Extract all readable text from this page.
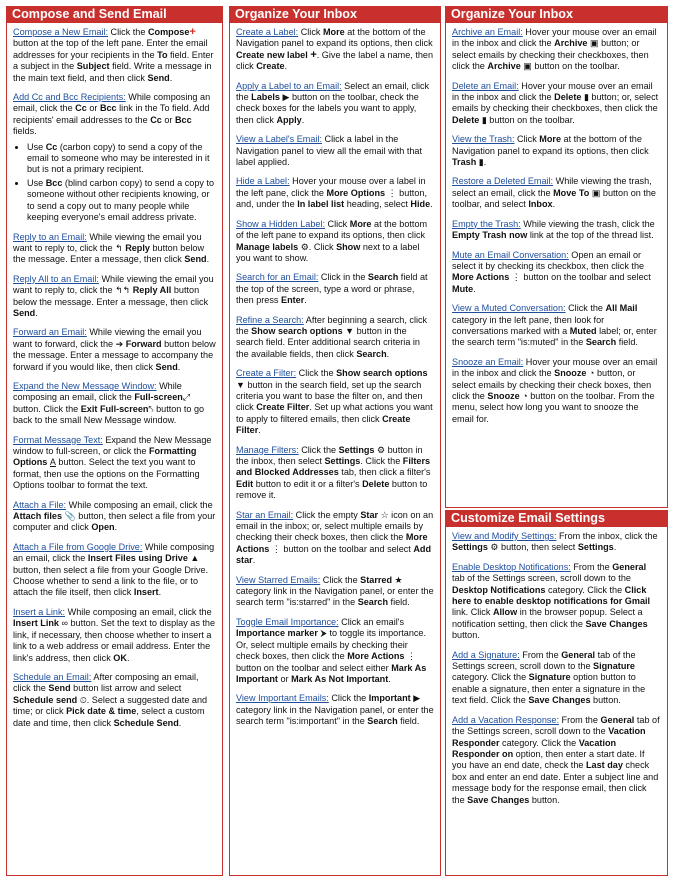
Compose and Send Email

Compose a New Email: Click the Compose+ button at the top of the left pane. Enter the email addresses for your recipients in the To field. Enter a subject in the Subject field. Write a message in the main text field, and then click Send.

Add Cc and Bcc Recipients: While composing an email, click the Cc or Bcc link in the To field. Add recipients' email addresses to the Cc or Bcc fields.

• Use Cc (carbon copy) to send a copy of the email to someone who may be interested in it but is not a primary recipient.
• Use Bcc (blind carbon copy) to send a copy to someone without other recipients knowing, or to send a copy out to many people while keeping everyone's email address private.

Reply to an Email: While viewing the email you want to reply to, click the ↰ Reply button below the message. Enter a message, then click Send.

Reply All to an Email: While viewing the email you want to reply to, click the ↰↰ Reply All button below the message. Enter a message, then click Send.

Forward an Email: While viewing the email you want to forward, click the ➔ Forward button below the message. Enter a message to accompany the forward if you would like, then click Send.

Expand the New Message Window: While composing an email, click the Full-screen⤢ button. Click the Exit Full-screen⤣ button to go back to the small New Message window.

Format Message Text: Expand the New Message window to full-screen, or click the Formatting Options A button. Select the text you want to format, then use the options on the Formatting Options toolbar to format the text.

Attach a File: While composing an email, click the Attach files 📎 button, then select a file from your computer and click Open.

Attach a File from Google Drive: While composing an email, click the Insert Files using Drive ▲ button, then select a file from your Google Drive. Choose whether to send a link to the file, or to attach the file itself, then click Insert.

Insert a Link: While composing an email, click the Insert Link ∞ button. Set the text to display as the link, if necessary, then choose whether to insert a link to a web address or email address. Enter the link's address, then click OK.

Schedule an Email: After composing an email, click the Send button list arrow and select Schedule send ⏲. Select a suggested date and time; or click Pick date & time, select a custom date and time, then click Schedule Send.

Organize Your Inbox

Create a Label: Click More at the bottom of the Navigation panel to expand its options, then click Create new label +. Give the label a name, then click Create.

Apply a Label to an Email: Select an email, click the Labels ▶ button on the toolbar, check the check boxes for the labels you want to apply, then click Apply.

View a Label's Email: Click a label in the Navigation panel to view all the email with that label applied.

Hide a Label: Hover your mouse over a label in the left pane, click the More Options ⋮ button, and, under the In label list heading, select Hide.

Show a Hidden Label: Click More at the bottom of the left pane to expand its options, then click Manage labels ⚙. Click Show next to a label you want to show.

Search for an Email: Click in the Search field at the top of the screen, type a word or phrase, then press Enter.

Refine a Search: After beginning a search, click the Show search options ▼ button in the search field. Enter additional search criteria in the available fields, then click Search.

Create a Filter: Click the Show search options ▼ button in the search field, set up the search criteria you want to base the filter on, and then click Create Filter. Set up what actions you want to apply to filtered emails, then click Create Filter.

Manage Filters: Click the Settings ⚙ button in the inbox, then select Settings. Click the Filters and Blocked Addresses tab, then click a filter's Edit button to edit it or a filter's Delete button to remove it.

Star an Email: Click the empty Star ☆ icon on an email in the inbox; or, select multiple emails by checking their check boxes, then click the More Actions ⋮ button on the toolbar and select Add star.

View Starred Emails: Click the Starred ★ category link in the Navigation panel, or enter the search term "is:starred" in the Search field.

Toggle Email Importance: Click an email's Importance marker ⮞ to toggle its importance. Or, select multiple emails by checking their check boxes, then click the More Actions ⋮ button on the toolbar and select either Mark As Important or Mark As Not Important.

View Important Emails: Click the Important ▶ category link in the Navigation panel, or enter the search term "is:important" in the Search field.

Organize Your Inbox

Archive an Email: Hover your mouse over an email in the inbox and click the Archive ▣ button; or select emails by checking their checkboxes, then click the Archive ▣ button on the toolbar.

Delete an Email: Hover your mouse over an email in the inbox and click the Delete ▮ button; or, select emails by checking their checkboxes, then click the Delete ▮ button on the toolbar.

View the Trash: Click More at the bottom of the Navigation panel to expand its options, then click Trash ▮.

Restore a Deleted Email: While viewing the trash, select an email, click the Move To ▣ button on the toolbar, and select Inbox.

Empty the Trash: While viewing the trash, click the Empty Trash now link at the top of the thread list.

Mute an Email Conversation: Open an email or select it by checking its checkbox, then click the More Actions ⋮ button on the toolbar and select Mute.

View a Muted Conversation: Click the All Mail category in the left pane, then look for conversations marked with a Muted label; or, enter the search term "is:muted" in the Search field.

Snooze an Email: Hover your mouse over an email in the inbox and click the Snooze ◔ button, or select emails by checking their check boxes, then click the Snooze ◔ button on the toolbar. From the menu, select how long you want to snooze the email for.

Customize Email Settings

View and Modify Settings: From the inbox, click the Settings ⚙ button, then select Settings.

Enable Desktop Notifications: From the General tab of the Settings screen, scroll down to the Desktop Notifications category. Click the Click here to enable desktop notifications for Gmail link. Click Allow in the browser popup. Select a notification setting, then click the Save Changes button.

Add a Signature: From the General tab of the Settings screen, scroll down to the Signature category. Click the Signature option button to enable a signature, then enter a signature in the text field. Click the Save Changes button.

Add a Vacation Response: From the General tab of the Settings screen, scroll down to the Vacation Responder category. Click the Vacation Responder on option, then enter a start date. If you have an end date, check the Last day check box and enter an end date. Enter a subject line and message body for the response email, then click the Save Changes button.
